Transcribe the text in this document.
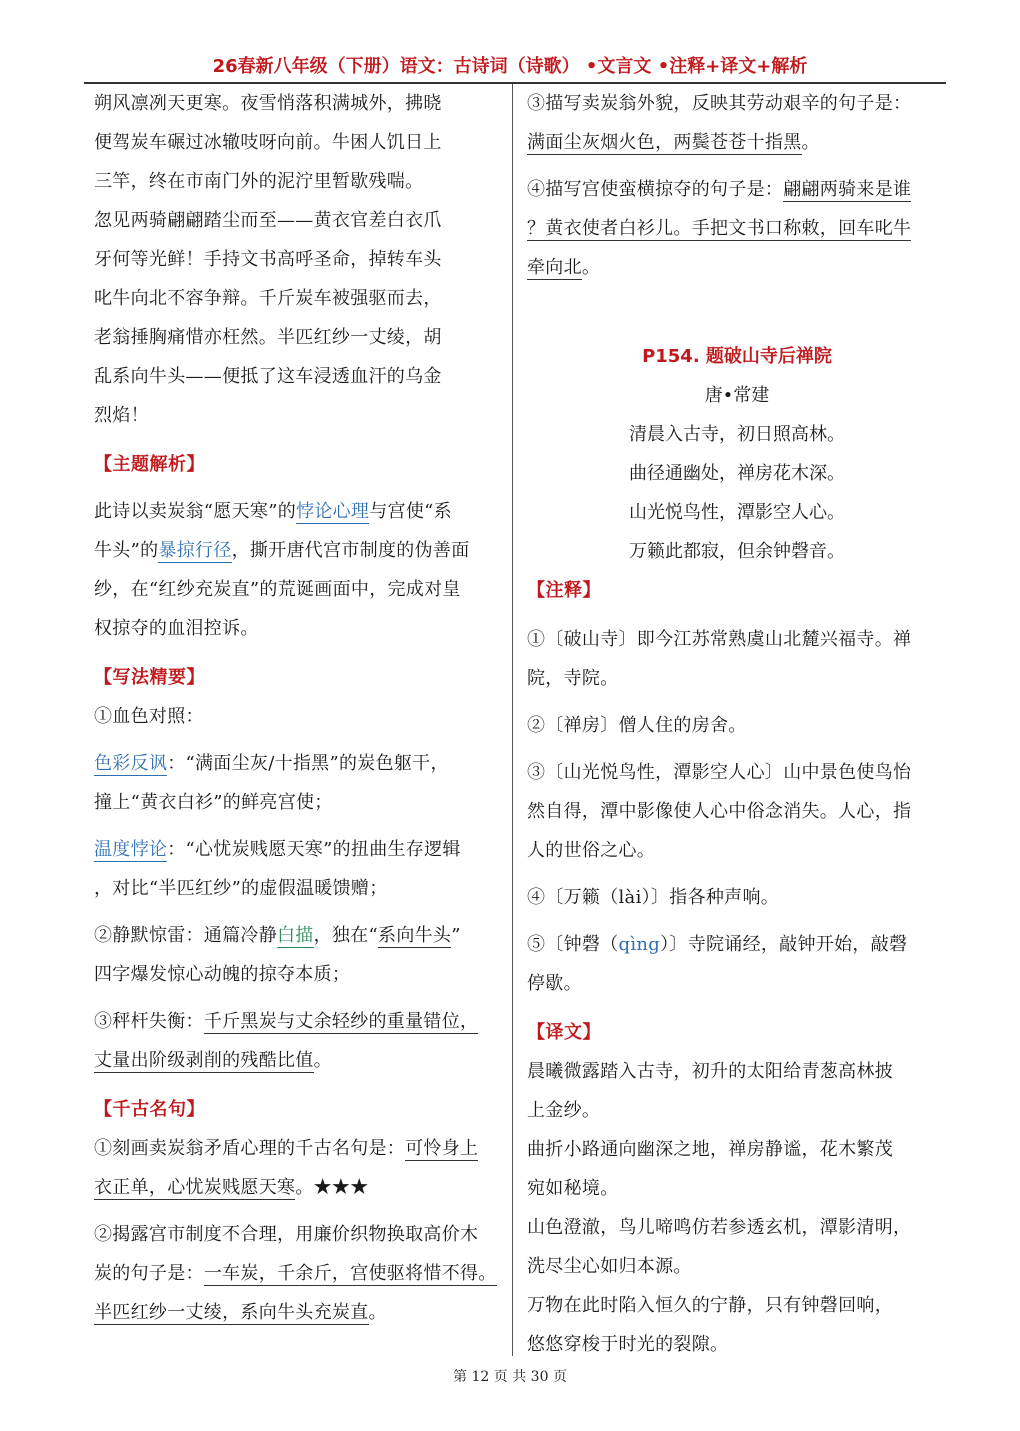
26春新八年级（下册）语文：古诗词（诗歌） •文言文 •注释+译文+解析
朔风凛冽天更寒。夜雪悄落积满城外，拂晓
便驾炭车碾过冰辙吱呀向前。牛困人饥日上
三竿，终在市南门外的泥泞里暂歇残喘。
忽见两骑翩翩踏尘而至——黄衣官差白衣爪
牙何等光鲜！手持文书高呼圣命，掉转车头
叱牛向北不容争辩。千斤炭车被强驱而去，
老翁捶胸痛惜亦枉然。半匹红纱一丈绫，胡
乱系向牛头——便抵了这车浸透血汗的乌金
烈焰！
【主题解析】
此诗以卖炭翁“愿天寒”的悖论心理与宫使“系
牛头”的暴掠行径，撕开唐代宫市制度的伪善面
纱，在“红纱充炭直”的荒诞画面中，完成对皇
权掠夺的血泪控诉。
【写法精要】
①血色对照：
色彩反讽：“满面尘灰/十指黑”的炭色躯干，
撞上“黄衣白衫”的鲜亮宫使；
温度悖论：“心忧炭贱愿天寒”的扭曲生存逻辑
，对比“半匹红纱”的虚假温暖馈赠；
②静默惊雷：通篇冷静白描，独在“系向牛头”
四字爆发惊心动魄的掠夺本质；
③秤杆失衡：千斤黑炭与丈余轻纱的重量错位，
丈量出阶级剥削的残酷比值。
【千古名句】
①刻画卖炭翁矛盾心理的千古名句是：可怜身上
衣正单，心忧炭贱愿天寒。★★★
②揭露宫市制度不合理，用廉价织物换取高价木
炭的句子是：一车炭，千余斤，宫使驱将惜不得。
半匹红纱一丈绫，系向牛头充炭直。
③描写卖炭翁外貌，反映其劳动艰辛的句子是：
满面尘灰烟火色，两鬓苍苍十指黑。
④描写宫使蛮横掠夺的句子是：翩翩两骑来是谁
？黄衣使者白衫儿。手把文书口称敕，回车叱牛
牵向北。
P154. 题破山寺后禅院
唐•常建
清晨入古寺，初日照高林。
曲径通幽处，禅房花木深。
山光悦鸟性，潭影空人心。
万籁此都寂，但余钟磬音。
【注释】
①〔破山寺〕即今江苏常熟虞山北麓兴福寺。禅
院，寺院。
②〔禅房〕僧人住的房舍。
③〔山光悦鸟性，潭影空人心〕山中景色使鸟怡
然自得，潭中影像使人心中俗念消失。人心，指
人的世俗之心。
④〔万籁（lài）〕指各种声响。
⑤〔钟磬（qìng）〕寺院诵经，敲钟开始，敲磬
停歇。
【译文】
晨曦微露踏入古寺，初升的太阳给青葱高林披
上金纱。
曲折小路通向幽深之地，禅房静谧，花木繁茂
宛如秘境。
山色澄澈，鸟儿啼鸣仿若参透玄机，潭影清明，
洗尽尘心如归本源。
万物在此时陷入恒久的宁静，只有钟磬回响，
悠悠穿梭于时光的裂隙。
第 12 页 共 30 页
